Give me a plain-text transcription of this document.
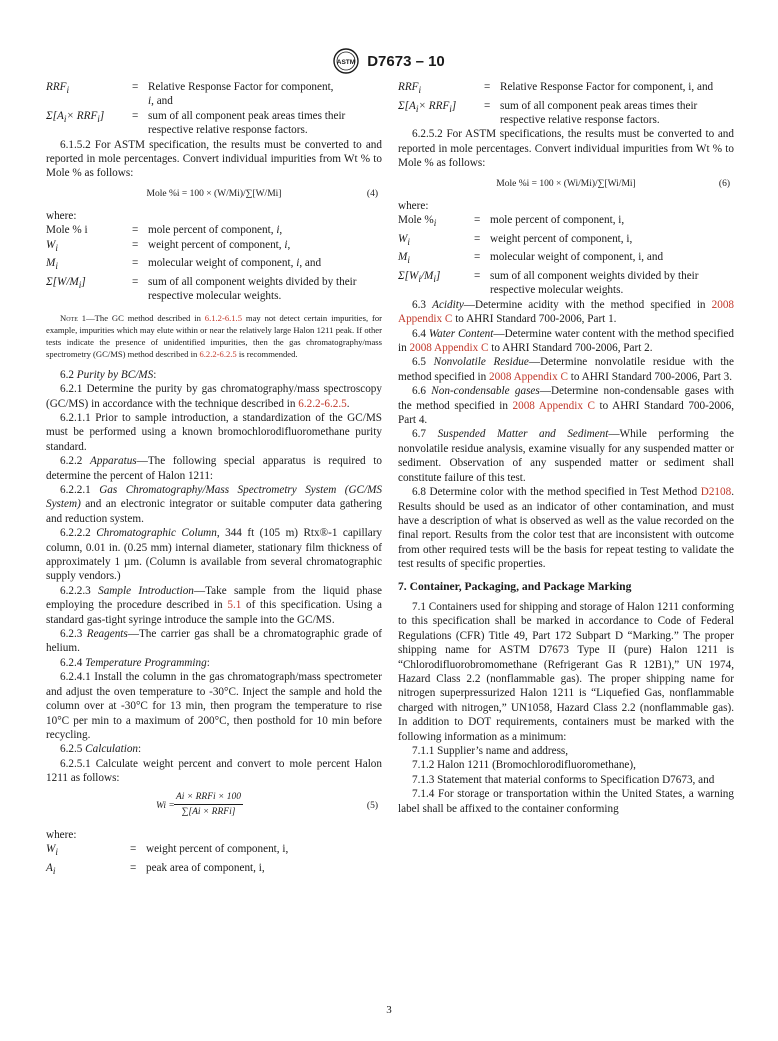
ASTM D7673 – 10
$RRF_i$	= Relative Response Factor for component,
i, and
$\Sigma[A_i\times RRF_i]$	= sum of all component peak areas times their respective relative response factors.

6.1.5.2 For ASTM specification, the results must be converted to and reported in mole percentages. Convert individual impurities from Wt % to Mole % as follows:

Mole %i = 100 × (W/Mi)/∑[W/Mi]	(4)
where:
Mole % i	= mole percent of component, i,
$W_i$	= weight percent of component, i,
$M_i$	= molecular weight of component, i, and
$\Sigma[W/M_i]$	= sum of all component weights divided by their respective molecular weights.
Note 1—The GC method described in 6.1.2-6.1.5 may not detect certain impurities, for example, impurities which may elute within or near the relatively large Halon 1211 peak. If other tests indicate the presence of unidentified impurities, then the gas chromatography/mass spectrometry (GC/MS) method described in 6.2.2-6.2.5 is recommended.

6.2 Purity by BC/MS:

6.2.1 Determine the purity by gas chromatography/mass spectroscopy (GC/MS) in accordance with the technique described in 6.2.2-6.2.5.

6.2.1.1 Prior to sample introduction, a standardization of the GC/MS must be performed using a known bromochlorodifluoromethane purity standard.

6.2.2 Apparatus—The following special apparatus is required to determine the percent of Halon 1211:

6.2.2.1 Gas Chromatography/Mass Spectrometry System (GC/MS System) and an electronic integrator or suitable computer data gathering and reduction system.

6.2.2.2 Chromatographic Column, 344 ft (105 m) Rtx®-1 capillary column, 0.01 in. (0.25 mm) internal diameter, stationary film thickness of approximately 1 µm. (Column is available from several chromatographic supply vendors.)

6.2.2.3 Sample Introduction—Take sample from the liquid phase employing the procedure described in 5.1 of this specification. Using a standard gas-tight syringe introduce the sample into the GC/MS.

6.2.3 Reagents—The carrier gas shall be a chromatographic grade of helium.

6.2.4 Temperature Programming:

6.2.4.1 Install the column in the gas chromatograph/mass spectrometer and adjust the oven temperature to -30°C. Inject the sample and hold the column over at -30°C for 13 min, then program the temperature to rise 10°C per min to a maximum of 200°C, then posthold for 10 min before recycling.

6.2.5 Calculation:

6.2.5.1 Calculate weight percent and convert to mole percent Halon 1211 as follows:

Wi =
Ai × RRFi × 100
∑[Ai × RRFi]
(5)
where:
$W_i$	= weight percent of component, i,
$A_i$	= peak area of component, i,
$RRF_i$	= Relative Response Factor for component, i, and
$\Sigma[A_i\times RRF_i]$	= sum of all component peak areas times their respective relative response factors.

6.2.5.2 For ASTM specifications, the results must be converted to and reported in mole percentages. Convert individual impurities from Wt % to Mole % as follows:

Mole %i = 100 × (Wi/Mi)/∑[Wi/Mi]	(6)
where:
Mole $\%_i$	= mole percent of component, i,
$W_i$	= weight percent of component, i,
$M_i$	= molecular weight of component, i, and
$\Sigma[W_i/M_i]$	= sum of all component weights divided by their respective molecular weights.

6.3 Acidity—Determine acidity with the method specified in 2008 Appendix C to AHRI Standard 700-2006, Part 1.

6.4 Water Content—Determine water content with the method specified in 2008 Appendix C to AHRI Standard 700-2006, Part 2.

6.5 Nonvolatile Residue—Determine nonvolatile residue with the method specified in 2008 Appendix C to AHRI Standard 700-2006, Part 3.

6.6 Non-condensable gases—Determine non-condensable gases with the method specified in 2008 Appendix C to AHRI Standard 700-2006, Part 4.

6.7 Suspended Matter and Sediment—While performing the nonvolatile residue analysis, examine visually for any suspended matter or sediment. Observation of any suspended matter or sediment shall constitute failure of this test.

6.8 Determine color with the method specified in Test Method D2108. Results should be used as an indicator of other contamination, and must have a description of what is observed as well as the value recorded on the final report. Results from the color test that are inconsistent with outcome from other required tests will be the basis for repeat testing to validate the test results of specific properties.

7. Container, Packaging, and Package Marking

7.1 Containers used for shipping and storage of Halon 1211 conforming to this specification shall be marked in accordance to Code of Federal Regulations (CFR) Title 49, Part 172 Subpart D “Marking.” The proper shipping name for ASTM D7673 Type II (pure) Halon 1211 is “Chlorodifluorobromomethane (Refrigerant Gas R 12B1),” UN 1974, Hazard Class 2.2 (nonflammable gas). The proper shipping name for nitrogen superpressurized Halon 1211 is “Liquefied Gas, nonflammable charged with nitrogen,” UN1058, Hazard Class 2.2 (nonflammable gas). In addition to DOT requirements, containers must be marked with the following information as a minimum:

7.1.1 Supplier’s name and address,

7.1.2 Halon 1211 (Bromochlorodifluoromethane),

7.1.3 Statement that material conforms to Specification D7673, and

7.1.4 For storage or transportation within the United States, a warning label shall be affixed to the container conforming

3
